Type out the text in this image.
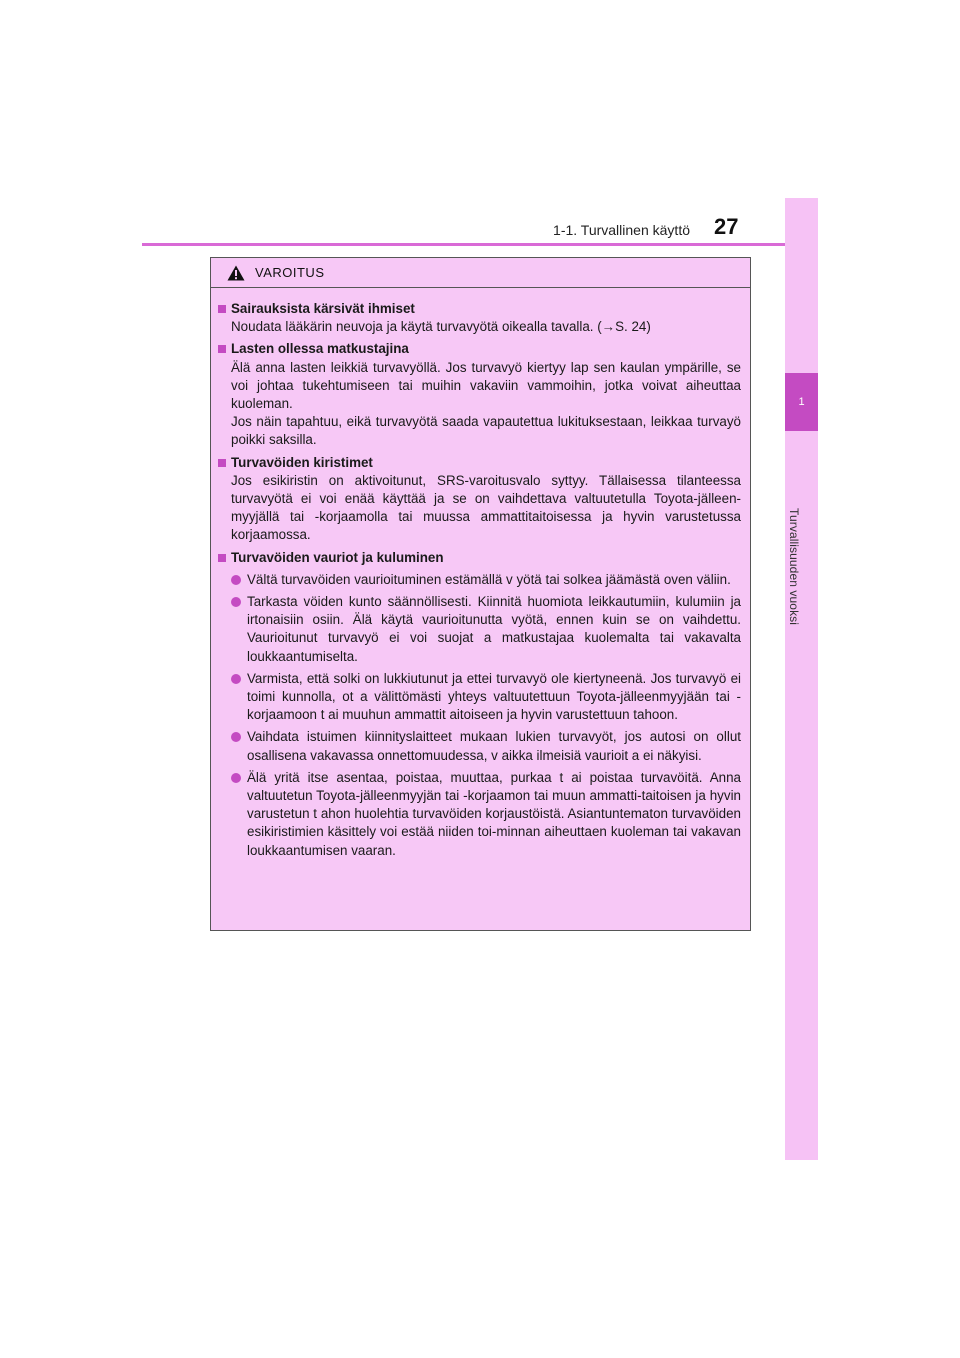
1-1. Turvallinen käyttö 27
1
Turvallisuuden vuoksi
VAROITUS
Sairauksista kärsivät ihmiset
Noudata lääkärin neuvoja ja käytä turvavyötä oikealla tavalla. (→S. 24)
Lasten ollessa matkustajina
Älä anna lasten leikkiä turvavyöllä. Jos turvavyö kiertyy lap sen kaulan ympärille, se voi johtaa tukehtumiseen tai muihin vakaviin vammoihin, jotka voivat aiheuttaa kuoleman.
Jos näin tapahtuu, eikä turvavyötä saada vapautettua lukituksestaan, leikkaa turvayö poikki saksilla.
Turvavöiden kiristimet
Jos esikiristin on aktivoitunut, SRS-varoitusvalo syttyy. Tällaisessa tilanteessa turvavyötä ei voi enää käyttää ja se on vaihdettava valtuutetulla Toyota-jälleen-myyjällä tai -korjaamolla tai muussa ammattitaitoisessa ja hyvin varustetussa korjaamossa.
Turvavöiden vauriot ja kuluminen
Vältä turvavöiden vaurioituminen estämällä v yötä tai solkea jäämästä oven väliin.
Tarkasta vöiden kunto säännöllisesti. Kiinnitä huomiota leikkautumiin, kulumiin ja irtonaisiin osiin. Älä käytä vaurioitunutta vyötä, ennen kuin se on vaihdettu. Vaurioitunut turvavyö ei voi suojat a matkustajaa kuolemalta tai vakavalta loukkaantumiselta.
Varmista, että solki on lukkiutunut ja ettei turvavyö ole kiertyneenä. Jos turvavyö ei toimi kunnolla, ot a välittömästi yhteys valtuutettuun Toyota-jälleenmyyjään tai -korjaamoon t ai muuhun ammattit aitoiseen ja hyvin varustettuun tahoon.
Vaihdata istuimen kiinnityslaitteet mukaan lukien turvavyöt, jos autosi on ollut osallisena vakavassa onnettomuudessa, v aikka ilmeisiä vaurioit a ei näkyisi.
Älä yritä itse asentaa, poistaa, muuttaa, purkaa t ai poistaa turvavöitä. Anna valtuutetun Toyota-jälleenmyyjän tai -korjaamon tai muun ammatti-taitoisen ja hyvin varustetun t ahon huolehtia turvavöiden korjaustöistä. Asiantuntematon turvavöiden esikiristimien käsittely voi estää niiden toi-minnan aiheuttaen kuoleman tai vakavan loukkaantumisen vaaran.
